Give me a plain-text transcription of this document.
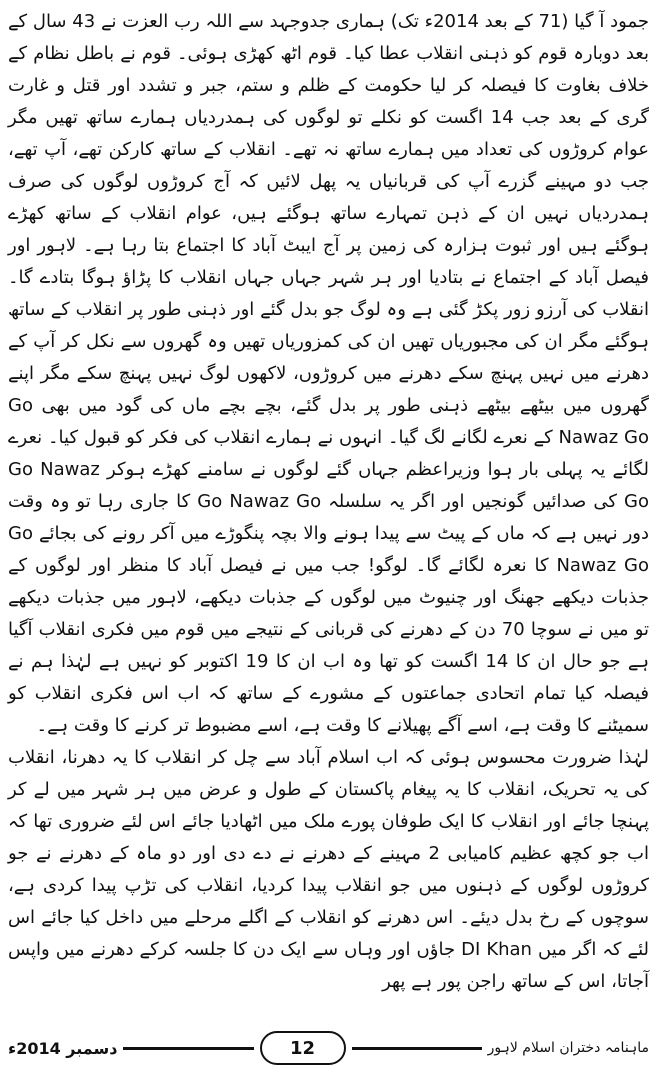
جمود آ گیا (71 کے بعد 2014ء تک) ہماری جدوجہد سے اللہ رب العزت نے 43 سال کے بعد دوبارہ قوم کو ذہنی انقلاب عطا کیا۔ قوم اٹھ کھڑی ہوئی۔ قوم نے باطل نظام کے خلاف بغاوت کا فیصلہ کر لیا حکومت کے ظلم و ستم، جبر و تشدد اور قتل و غارت گری کے بعد جب 14 اگست کو نکلے تو لوگوں کی ہمدردیاں ہمارے ساتھ تھیں مگر عوام کروڑوں کی تعداد میں ہمارے ساتھ نہ تھے۔ انقلاب کے ساتھ کارکن تھے، آپ تھے، جب دو مہینے گزرے آپ کی قربانیاں یہ پھل لائیں کہ آج کروڑوں لوگوں کی صرف ہمدردیاں نہیں ان کے ذہن تمہارے ساتھ ہوگئے ہیں، عوام انقلاب کے ساتھ کھڑے ہوگئے ہیں اور ثبوت ہزارہ کی زمین پر آج ایبٹ آباد کا اجتماع بتا رہا ہے۔ لاہور اور فیصل آباد کے اجتماع نے بتادیا اور ہر شہر جہاں جہاں انقلاب کا پڑاؤ ہوگا بتادے گا۔ انقلاب کی آرزو زور پکڑ گئی ہے وہ لوگ جو بدل گئے اور ذہنی طور پر انقلاب کے ساتھ ہوگئے مگر ان کی مجبوریاں تھیں ان کی کمزوریاں تھیں وہ گھروں سے نکل کر آپ کے دھرنے میں نہیں پہنچ سکے دھرنے میں کروڑوں، لاکھوں لوگ نہیں پہنچ سکے مگر اپنے گھروں میں بیٹھے بیٹھے ذہنی طور پر بدل گئے، بچے بچے ماں کی گود میں بھی Go Nawaz Go کے نعرے لگانے لگ گیا۔ انہوں نے ہمارے انقلاب کی فکر کو قبول کیا۔ نعرے لگائے یہ پہلی بار ہوا وزیراعظم جہاں گئے لوگوں نے سامنے کھڑے ہوکر Go Nawaz Go کی صدائیں گونجیں اور اگر یہ سلسلہ Go Nawaz Go کا جاری رہا تو وہ وقت دور نہیں ہے کہ ماں کے پیٹ سے پیدا ہونے والا بچہ پنگوڑے میں آکر رونے کی بجائے Go Nawaz Go کا نعرہ لگائے گا۔ لوگو! جب میں نے فیصل آباد کا منظر اور لوگوں کے جذبات دیکھے جھنگ اور چنیوٹ میں لوگوں کے جذبات دیکھے، لاہور میں جذبات دیکھے تو میں نے سوچا 70 دن کے دھرنے کی قربانی کے نتیجے میں قوم میں فکری انقلاب آگیا ہے جو حال ان کا 14 اگست کو تھا وہ اب ان کا 19 اکتوبر کو نہیں ہے لہٰذا ہم نے فیصلہ کیا تمام اتحادی جماعتوں کے مشورے کے ساتھ کہ اب اس فکری انقلاب کو سمیٹنے کا وقت ہے، اسے آگے پھیلانے کا وقت ہے، اسے مضبوط تر کرنے کا وقت ہے۔

لہٰذا ضرورت محسوس ہوئی کہ اب اسلام آباد سے چل کر انقلاب کا یہ دھرنا، انقلاب کی یہ تحریک، انقلاب کا یہ پیغام پاکستان کے طول و عرض میں ہر شہر میں لے کر پہنچا جائے اور انقلاب کا ایک طوفان پورے ملک میں اٹھادیا جائے اس لئے ضروری تھا کہ اب جو کچھ عظیم کامیابی 2 مہینے کے دھرنے نے دے دی اور دو ماہ کے دھرنے نے جو کروڑوں لوگوں کے ذہنوں میں جو انقلاب پیدا کردیا، انقلاب کی تڑپ پیدا کردی ہے، سوچوں کے رخ بدل دیئے۔ اس دھرنے کو انقلاب کے اگلے مرحلے میں داخل کیا جائے اس لئے کہ اگر میں DI Khan جاؤں اور وہاں سے ایک دن کا جلسہ کرکے دھرنے میں واپس آجاتا، اس کے ساتھ راجن پور ہے پھر

دسمبر 2014ء	12	ماہنامہ دختران اسلام لاہور
